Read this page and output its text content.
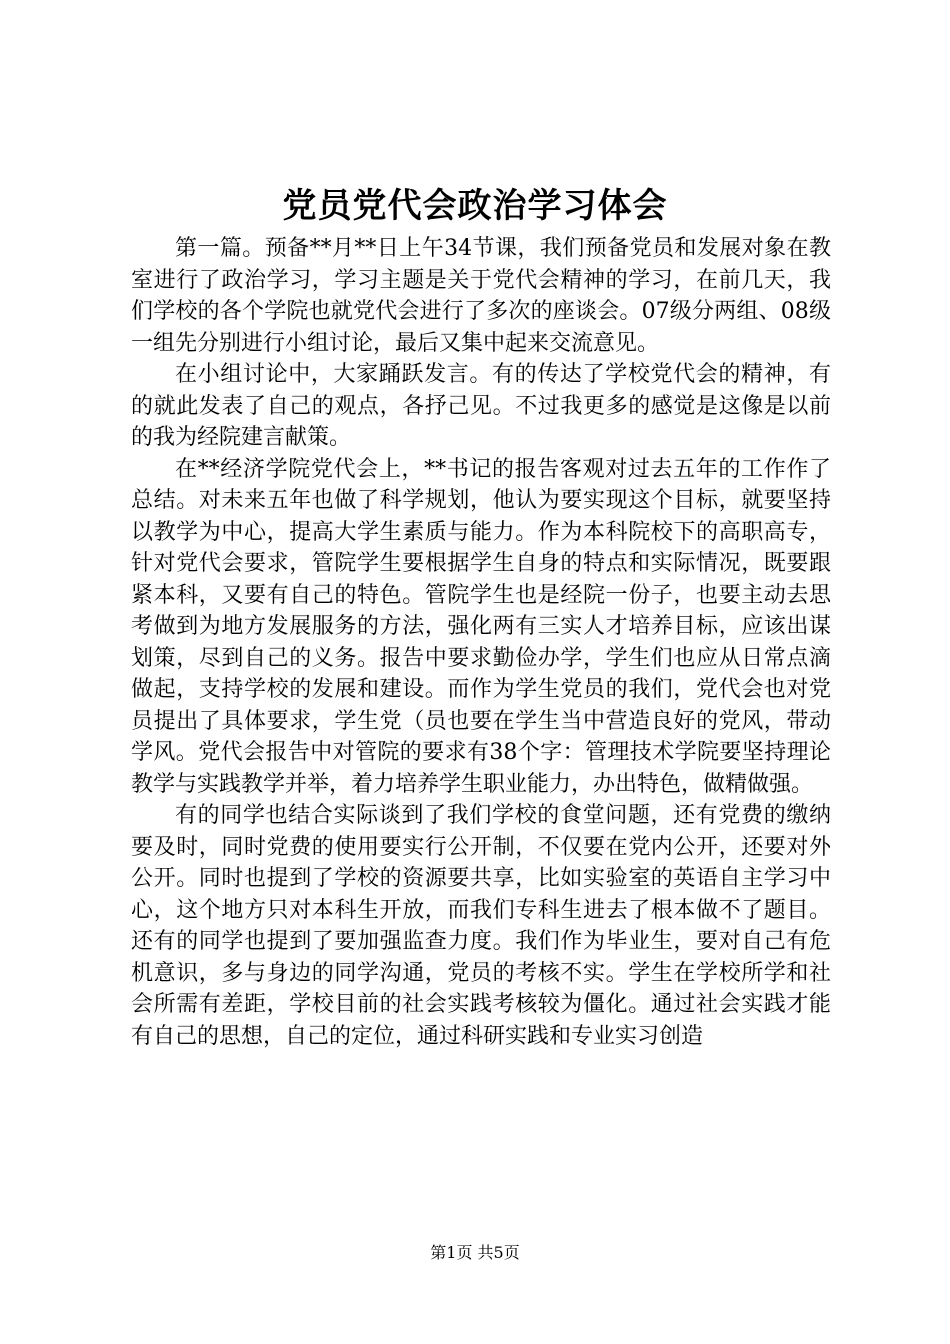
党员党代会政治学习体会

第一篇。预备**月**日上午34节课，我们预备党员和发展对象在教室进行了政治学习，学习主题是关于党代会精神的学习，在前几天，我们学校的各个学院也就党代会进行了多次的座谈会。07级分两组、08级一组先分别进行小组讨论，最后又集中起来交流意见。

在小组讨论中，大家踊跃发言。有的传达了学校党代会的精神，有的就此发表了自己的观点，各抒己见。不过我更多的感觉是这像是以前的我为经院建言献策。

在**经济学院党代会上，**书记的报告客观对过去五年的工作作了总结。对未来五年也做了科学规划，他认为要实现这个目标，就要坚持以教学为中心，提高大学生素质与能力。作为本科院校下的高职高专，针对党代会要求，管院学生要根据学生自身的特点和实际情况，既要跟紧本科，又要有自己的特色。管院学生也是经院一份子，也要主动去思考做到为地方发展服务的方法，强化两有三实人才培养目标，应该出谋划策，尽到自己的义务。报告中要求勤俭办学，学生们也应从日常点滴做起，支持学校的发展和建设。而作为学生党员的我们，党代会也对党员提出了具体要求，学生党（员也要在学生当中营造良好的党风，带动学风。党代会报告中对管院的要求有38个字：管理技术学院要坚持理论教学与实践教学并举，着力培养学生职业能力，办出特色，做精做强。

有的同学也结合实际谈到了我们学校的食堂问题，还有党费的缴纳要及时，同时党费的使用要实行公开制，不仅要在党内公开，还要对外公开。同时也提到了学校的资源要共享，比如实验室的英语自主学习中心，这个地方只对本科生开放，而我们专科生进去了根本做不了题目。还有的同学也提到了要加强监查力度。我们作为毕业生，要对自己有危机意识，多与身边的同学沟通，党员的考核不实。学生在学校所学和社会所需有差距，学校目前的社会实践考核较为僵化。通过社会实践才能有自己的思想，自己的定位，通过科研实践和专业实习创造

第1页 共5页
